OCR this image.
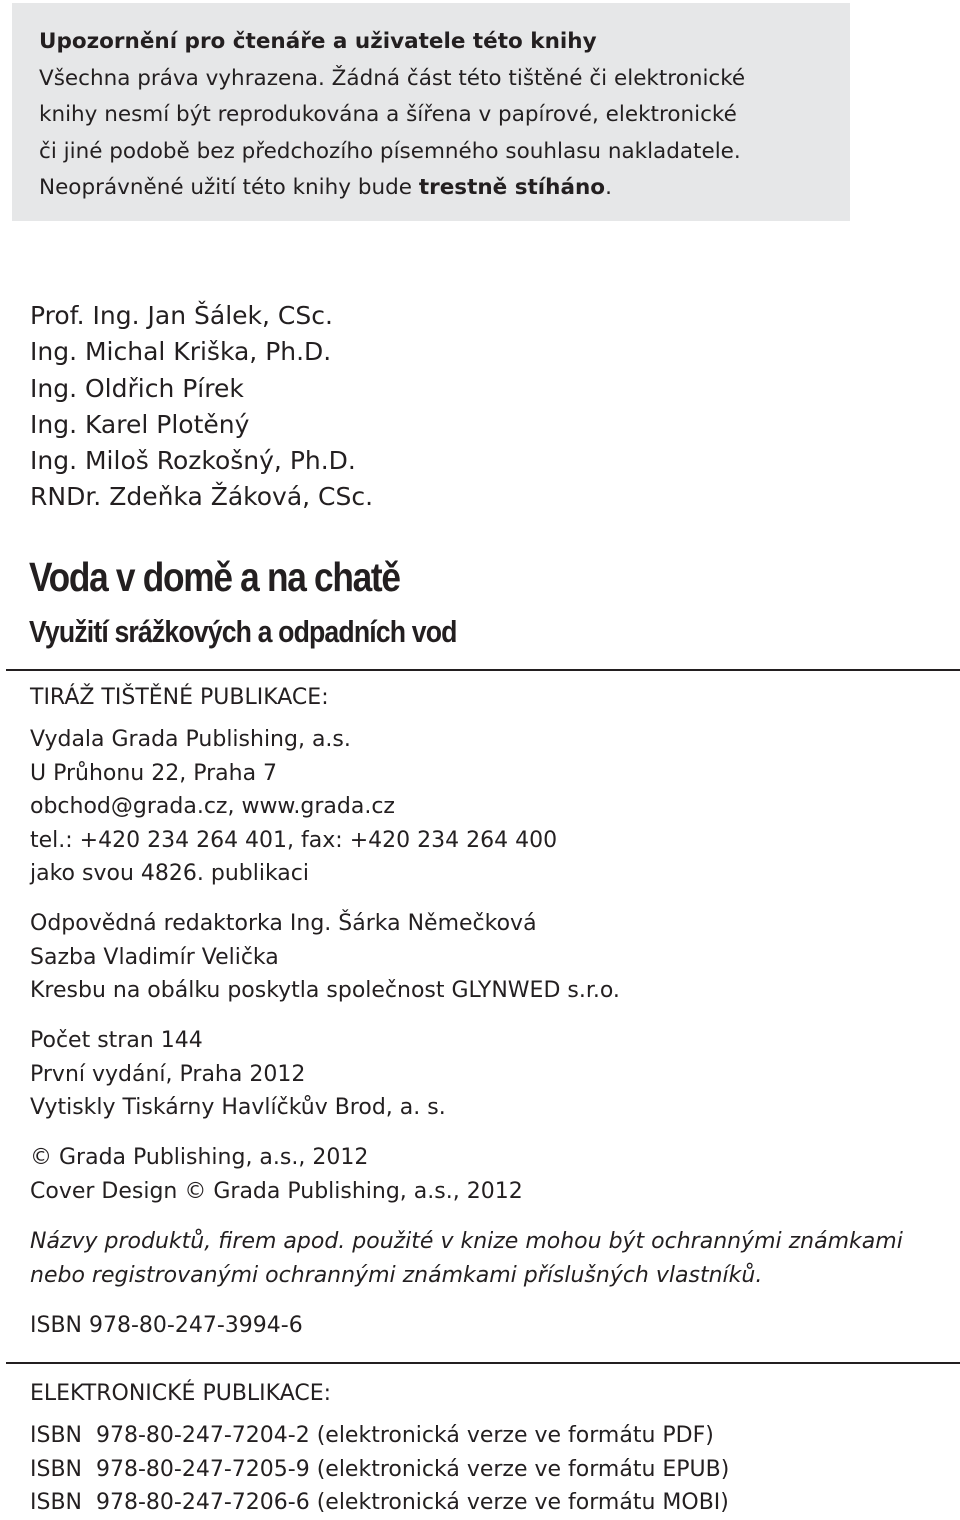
Upozornění pro čtenáře a uživatele této knihy
Všechna práva vyhrazena. Žádná část této tištěné či elektronické
knihy nesmí být reprodukována a šířena v papírové, elektronické
či jiné podobě bez předchozího písemného souhlasu nakladatele.
Neoprávněné užití této knihy bude trestně stíháno.
Prof. Ing. Jan Šálek, CSc.
Ing. Michal Kriška, Ph.D.
Ing. Oldřich Pírek
Ing. Karel Plotěný
Ing. Miloš Rozkošný, Ph.D.
RNDr. Zdeňka Žáková, CSc.
Voda v domě a na chatě
Využití srážkových a odpadních vod
TIRÁŽ TIŠTĚNÉ PUBLIKACE:
Vydala Grada Publishing, a.s.
U Průhonu 22, Praha 7
obchod@grada.cz, www.grada.cz
tel.: +420 234 264 401, fax: +420 234 264 400
jako svou 4826. publikaci
Odpovědná redaktorka Ing. Šárka Němečková
Sazba Vladimír Velička
Kresbu na obálku poskytla společnost GLYNWED s.r.o.
Počet stran 144
První vydání, Praha 2012
Vytiskly Tiskárny Havlíčkův Brod, a. s.
© Grada Publishing, a.s., 2012
Cover Design © Grada Publishing, a.s., 2012
Názvy produktů, firem apod. použité v knize mohou být ochrannými známkami
nebo registrovanými ochrannými známkami příslušných vlastníků.
ISBN 978-80-247-3994-6
ELEKTRONICKÉ PUBLIKACE:
ISBN  978-80-247-7204-2 (elektronická verze ve formátu PDF)
ISBN  978-80-247-7205-9 (elektronická verze ve formátu EPUB)
ISBN  978-80-247-7206-6 (elektronická verze ve formátu MOBI)
